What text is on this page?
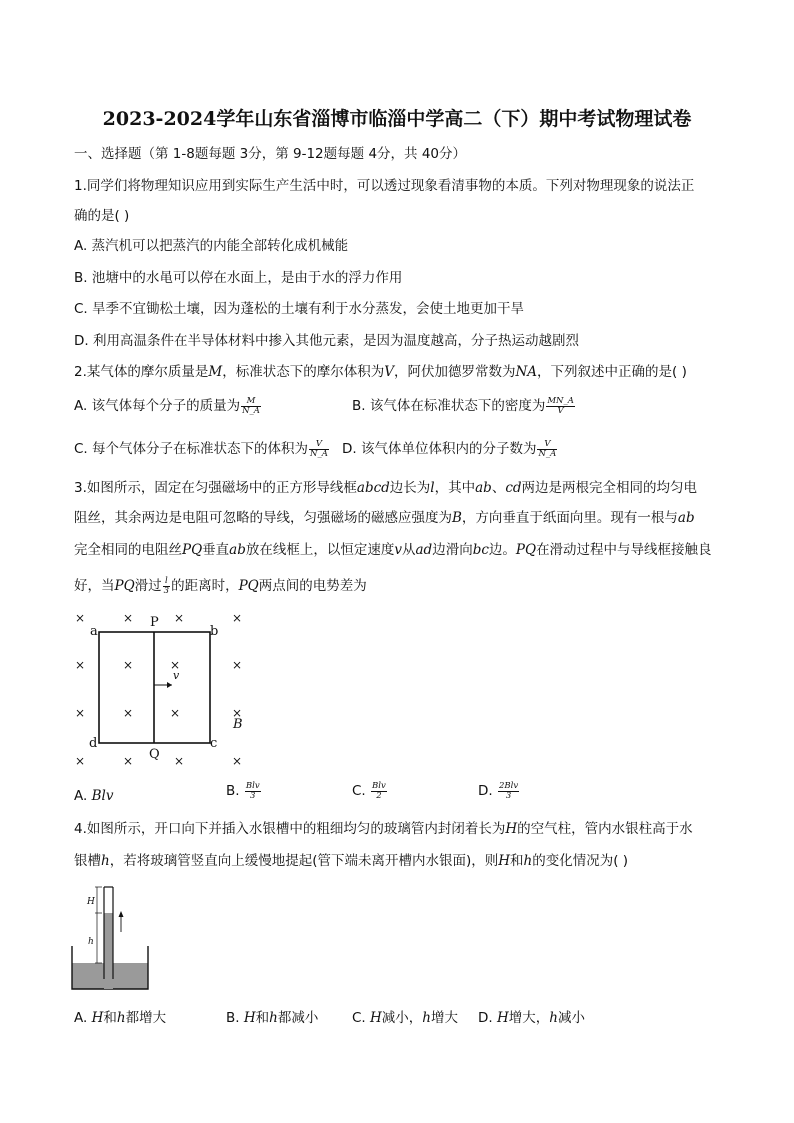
2023-2024学年山东省淄博市临淄中学高二（下）期中考试物理试卷
一、选择题（第 1-8题每题 3分，第 9-12题每题 4分，共 40分）
1.同学们将物理知识应用到实际生产生活中时，可以透过现象看清事物的本质。下列对物理现象的说法正
确的是( )
A. 蒸汽机可以把蒸汽的内能全部转化成机械能
B. 池塘中的水黾可以停在水面上，是由于水的浮力作用
C. 旱季不宜锄松土壤，因为蓬松的土壤有利于水分蒸发，会使土地更加干旱
D. 利用高温条件在半导体材料中掺入其他元素，是因为温度越高，分子热运动越剧烈
2.某气体的摩尔质量是M，标准状态下的摩尔体积为V，阿伏加德罗常数为NA，下列叙述中正确的是( )
A. 该气体每个分子的质量为 $\frac{M}{N\_A}$	B. 该气体在标准状态下的密度为 $\frac{MN\_A}{V}$
C. 每个气体分子在标准状态下的体积为 $\frac{V}{N\_A} D$. 该气体单位体积内的分子数为 $\frac{V}{N\_A}$
3.如图所示，固定在匀强磁场中的正方形导线框abcd边长为l，其中ab、cd两边是两根完全相同的均匀电
阻丝，其余两边是电阻可忽略的导线，匀强磁场的磁感应强度为B，方向垂直于纸面向里。现有一根与ab
完全相同的电阻丝PQ垂直ab放在线框上，以恒定速度v从ad边滑向bc边。PQ在滑动过程中与导线框接触良
好，当PQ滑过 $\frac{l}{3}$ 的距离时，PQ两点间的电势差为
×	×	×	×
×	×	×	×
×	×	×	×
×	×	×	×
a	b
c
d
P
Q
v
B
A. Blv	B. $\frac{\text{Blv}}{3}$	C. $\frac{\text{Blv}}{2}$	D. $\frac{\text{2Blv}}{3}$
4.如图所示，开口向下并插入水银槽中的粗细均匀的玻璃管内封闭着长为H的空气柱，管内水银柱高于水
银槽h，若将玻璃管竖直向上缓慢地提起(管下端未离开槽内水银面)，则H和h的变化情况为( )
H
h
A. H和h都增大	B. H和h都减小 C. H减小，h增大 D. H增大，h减小
